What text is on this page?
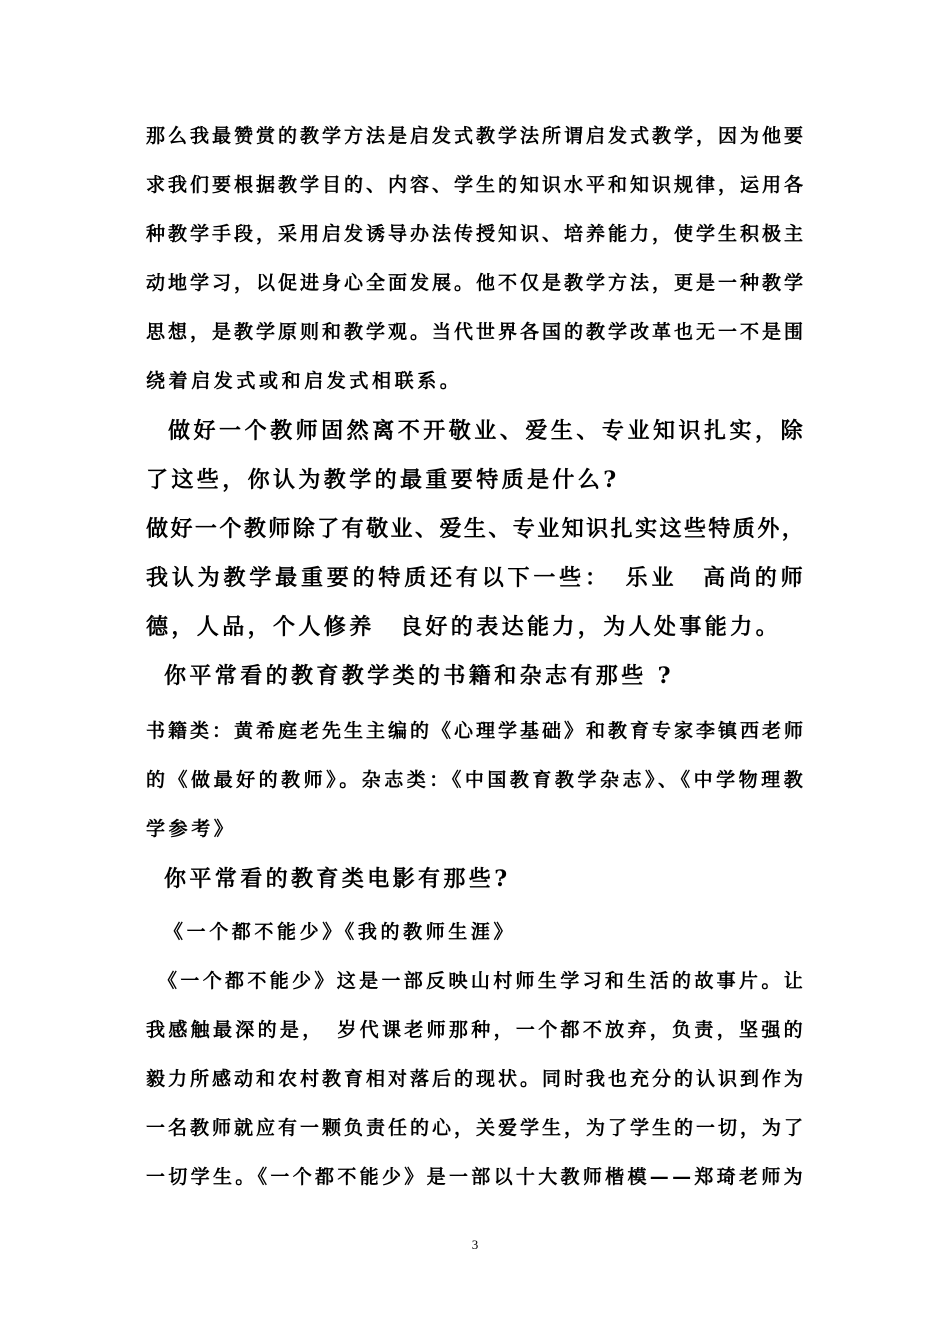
那么我最赞赏的教学方法是启发式教学法所谓启发式教学，因为他要
求我们要根据教学目的、内容、学生的知识水平和知识规律，运用各
种教学手段，采用启发诱导办法传授知识、培养能力，使学生积极主
动地学习，以促进身心全面发展。他不仅是教学方法，更是一种教学
思想，是教学原则和教学观。当代世界各国的教学改革也无一不是围
绕着启发式或和启发式相联系。
做好一个教师固然离不开敬业、爱生、专业知识扎实，除
了这些，你认为教学的最重要特质是什么?
做好一个教师除了有敬业、爱生、专业知识扎实这些特质外，
我认为教学最重要的特质还有以下一些：　乐业　高尚的师
德，人品，个人修养　良好的表达能力，为人处事能力。
你平常看的教育教学类的书籍和杂志有那些 ?
书籍类：黄希庭老先生主编的《心理学基础》和教育专家李镇西老师
的《做最好的教师》。杂志类：《中国教育教学杂志》、《中学物理教
学参考》
你平常看的教育类电影有那些?
《一个都不能少》《我的教师生涯》
《一个都不能少》这是一部反映山村师生学习和生活的故事片。让
我感触最深的是，　岁代课老师那种，一个都不放弃，负责，坚强的
毅力所感动和农村教育相对落后的现状。同时我也充分的认识到作为
一名教师就应有一颗负责任的心，关爱学生，为了学生的一切，为了
一切学生。《一个都不能少》是一部以十大教师楷模——郑琦老师为
3
